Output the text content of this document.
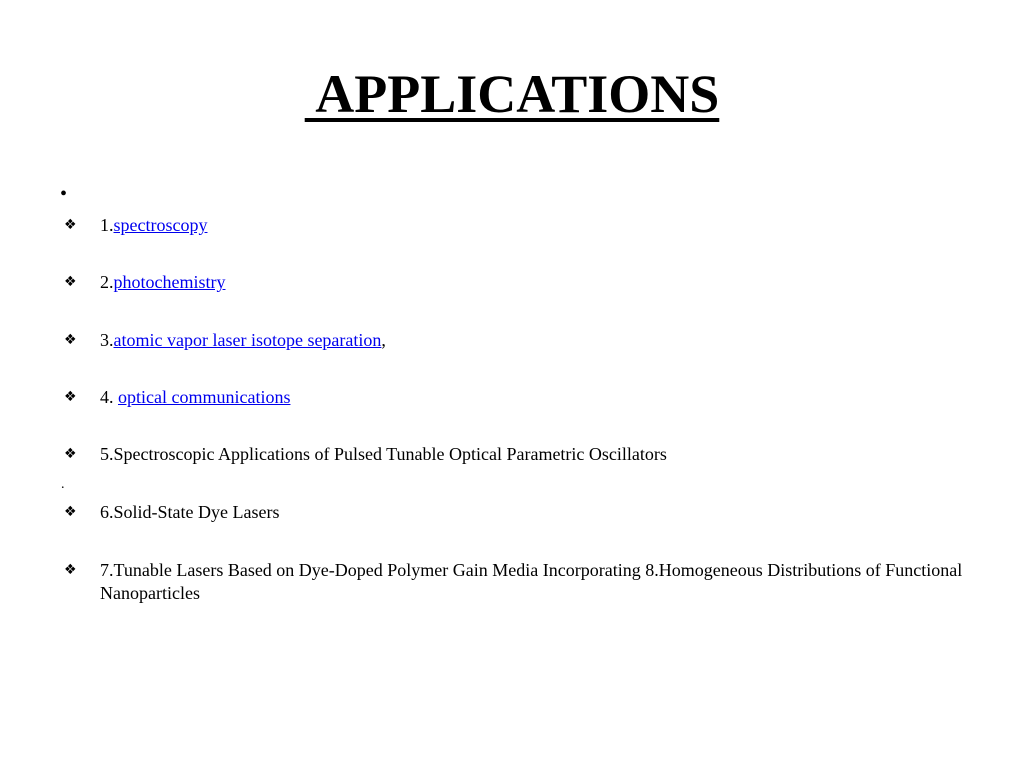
APPLICATIONS
•
❖ 1.spectroscopy
❖ 2.photochemistry
❖ 3.atomic vapor laser isotope separation,
❖ 4. optical communications
❖ 5.Spectroscopic Applications of Pulsed Tunable Optical Parametric Oscillators
.
❖ 6.Solid-State Dye Lasers
❖ 7.Tunable Lasers Based on Dye-Doped Polymer Gain Media Incorporating 8.Homogeneous Distributions of Functional Nanoparticles
